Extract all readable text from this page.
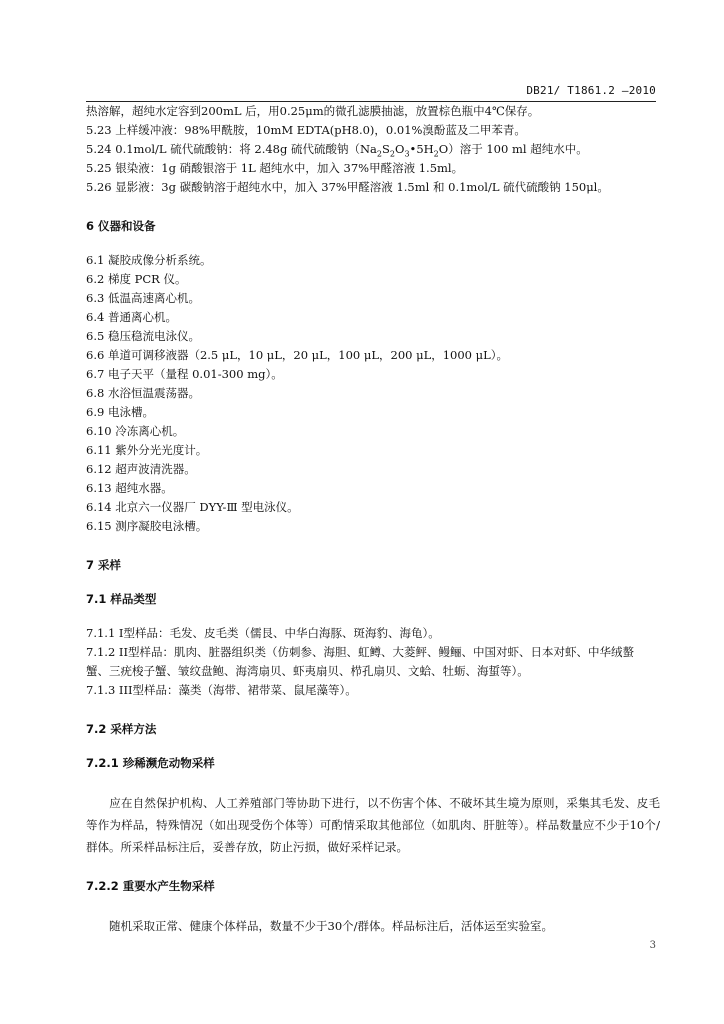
DB21/ T1861.2 —2010
热溶解，超纯水定容到200mL 后，用0.25μm的微孔滤膜抽滤，放置棕色瓶中4℃保存。
5.23 上样缓冲液：98%甲酰胺，10mM EDTA(pH8.0)，0.01%溴酚蓝及二甲苯青。
5.24 0.1mol/L 硫代硫酸钠：将 2.48g 硫代硫酸钠$(Na_2S_2O_3•5H_2O)$溶于 100 ml 超纯水中。
5.25 银染液：1g 硝酸银溶于 1L 超纯水中，加入 37%甲醛溶液 1.5ml。
5.26 显影液：3g 碳酸钠溶于超纯水中，加入 37%甲醛溶液 1.5ml 和 0.1mol/L 硫代硫酸钠 150μl。
6 仪器和设备
6.1 凝胶成像分析系统。
6.2 梯度 PCR 仪。
6.3 低温高速离心机。
6.4 普通离心机。
6.5 稳压稳流电泳仪。
6.6 单道可调移液器（2.5 μL，10 μL，20 μL，100 μL，200 μL，1000 μL）。
6.7 电子天平（量程 0.01-300 mg）。
6.8 水浴恒温震荡器。
6.9 电泳槽。
6.10 冷冻离心机。
6.11 紫外分光光度计。
6.12 超声波清洗器。
6.13 超纯水器。
6.14 北京六一仪器厂 DYY-Ⅲ 型电泳仪。
6.15 测序凝胶电泳槽。
7 采样
7.1 样品类型
7.1.1 I型样品：毛发、皮毛类（儒艮、中华白海豚、斑海豹、海龟）。
7.1.2 II型样品：肌肉、脏器组织类（仿刺参、海胆、虹鳟、大菱鲆、鳗鲡、中国对虾、日本对虾、中华绒螯
蟹、三疣梭子蟹、皱纹盘鲍、海湾扇贝、虾夷扇贝、栉孔扇贝、文蛤、牡蛎、海蜇等）。
7.1.3 III型样品：藻类（海带、裙带菜、鼠尾藻等）。
7.2 采样方法
7.2.1 珍稀濒危动物采样
应在自然保护机构、人工养殖部门等协助下进行，以不伤害个体、不破坏其生境为原则，采集其毛发、皮毛等作为样品，特殊情况（如出现受伤个体等）可酌情采取其他部位（如肌肉、肝脏等）。样品数量应不少于10个/群体。所采样品标注后，妥善存放，防止污损，做好采样记录。
7.2.2 重要水产生物采样
随机采取正常、健康个体样品，数量不少于30个/群体。样品标注后，活体运至实验室。
3
